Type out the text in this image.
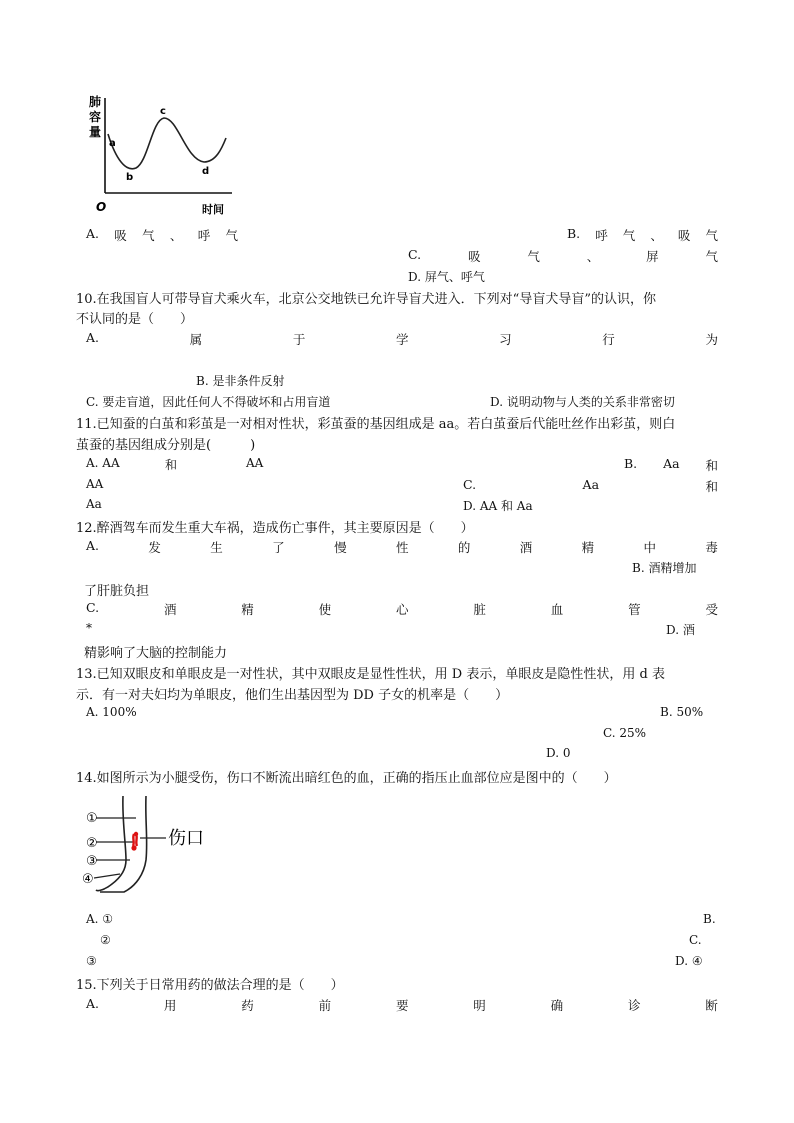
肺
容
量
a
b
c
d
O	时间
A. 吸 气 、 呼 气	B. 呼 气 、 吸 气
C.	吸	气	、	屏	气
D. 屏气、呼气
10.在我国盲人可带导盲犬乘火车，北京公交地铁已允许导盲犬进入．下列对“导盲犬导盲”的认识，你
不认同的是（　　）
A.	属	于	学	习	行	为
B. 是非条件反射
C. 要走盲道，因此任何人不得破坏和占用盲道	D. 说明动物与人类的关系非常密切
11.已知蚕的白茧和彩茧是一对相对性状，彩茧蚕的基因组成是 aa。若白茧蚕后代能吐丝作出彩茧，则白
茧蚕的基因组成分别是(　　　)
A. AA	和	AA	B. Aa 和
AA	C.	Aa	和
Aa	D. AA 和 Aa
12.醉酒驾车而发生重大车祸，造成伤亡事件，其主要原因是（　　）
A.	发	生	了	慢	性	的	酒	精	中	毒
B. 酒精增加
了肝脏负担
C.	酒	精	使	心	脏	血	管	受
*	D. 酒
精影响了大脑的控制能力
13.已知双眼皮和单眼皮是一对性状，其中双眼皮是显性性状，用 D 表示，单眼皮是隐性性状，用 d 表
示．有一对夫妇均为单眼皮，他们生出基因型为 DD 子女的机率是（　　）
A. 100%	B. 50%
C. 25%
D. 0
14.如图所示为小腿受伤，伤口不断流出暗红色的血，正确的指压止血部位应是图中的（　　）
①
②
③
④
伤口
A. ①	B.
②	C.
③	D. ④
15.下列关于日常用药的做法合理的是（　　）
A.	用	药	前	要	明	确	诊	断
